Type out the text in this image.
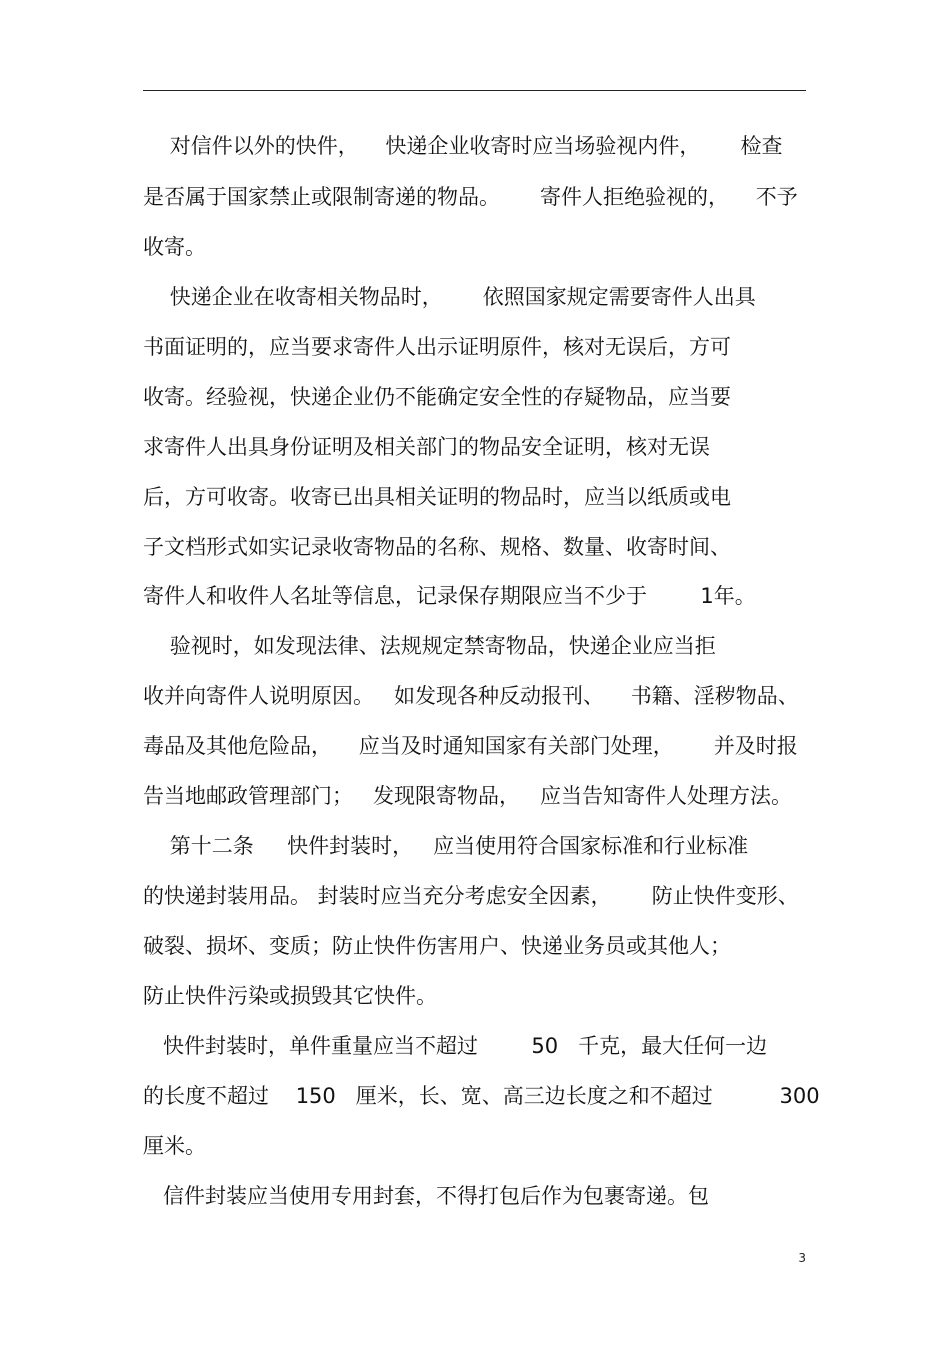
对信件以外的快件，    快递企业收寄时应当场验视内件，      检查
是否属于国家禁止或限制寄递的物品。      寄件人拒绝验视的，    不予
收寄。
快递企业在收寄相关物品时，      依照国家规定需要寄件人出具
书面证明的，应当要求寄件人出示证明原件，核对无误后，方可
收寄。经验视，快递企业仍不能确定安全性的存疑物品，应当要
求寄件人出具身份证明及相关部门的物品安全证明，核对无误
后，方可收寄。收寄已出具相关证明的物品时，应当以纸质或电
子文档形式如实记录收寄物品的名称、规格、数量、收寄时间、
寄件人和收件人名址等信息，记录保存期限应当不少于        1年。
验视时，如发现法律、法规规定禁寄物品，快递企业应当拒
收并向寄件人说明原因。   如发现各种反动报刊、    书籍、淫秽物品、
毒品及其他危险品，    应当及时通知国家有关部门处理，      并及时报
告当地邮政管理部门；   发现限寄物品，   应当告知寄件人处理方法。
第十二条     快件封装时，   应当使用符合国家标准和行业标准
的快递封装用品。 封装时应当充分考虑安全因素，      防止快件变形、
破裂、损坏、变质；防止快件伤害用户、快递业务员或其他人；
防止快件污染或损毁其它快件。
快件封装时，单件重量应当不超过        50   千克，最大任何一边
的长度不超过    150   厘米，长、宽、高三边长度之和不超过          300
厘米。
信件封装应当使用专用封套，不得打包后作为包裹寄递。包
3
